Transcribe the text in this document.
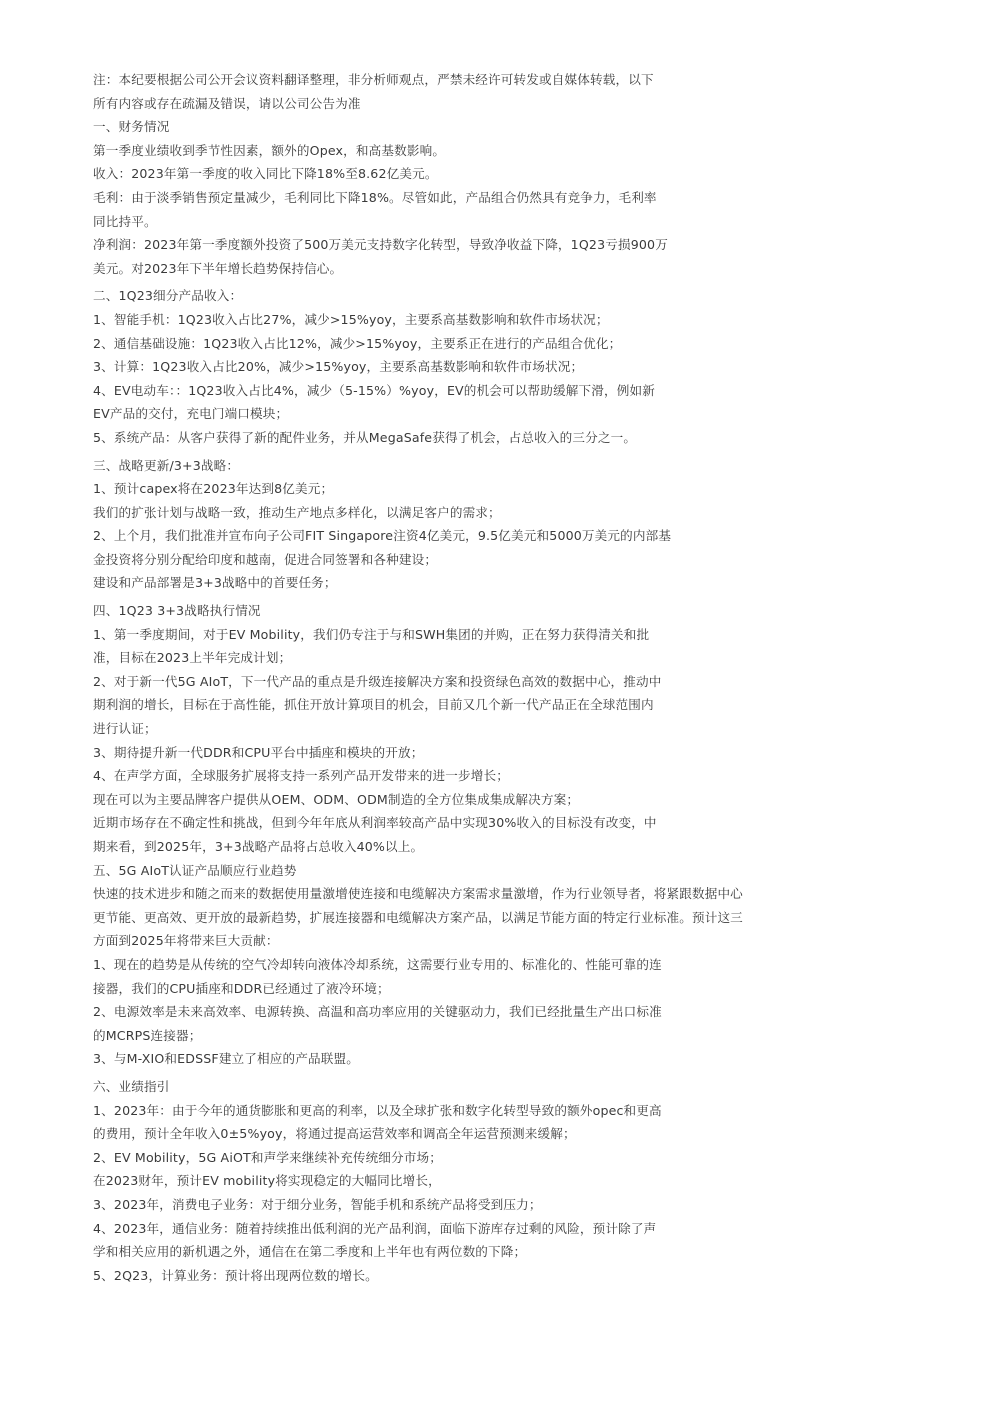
注：本纪要根据公司公开会议资料翻译整理，非分析师观点，严禁未经许可转发或自媒体转载，以下
所有内容或存在疏漏及错误，请以公司公告为准
一、财务情况
第一季度业绩收到季节性因素，额外的Opex，和高基数影响。
收入：2023年第一季度的收入同比下降18%至8.62亿美元。
毛利：由于淡季销售预定量减少，毛利同比下降18%。尽管如此，产品组合仍然具有竞争力，毛利率
同比持平。
净利润：2023年第一季度额外投资了500万美元支持数字化转型，导致净收益下降，1Q23亏损900万
美元。对2023年下半年增长趋势保持信心。
二、1Q23细分产品收入：
1、智能手机：1Q23收入占比27%，减少>15%yoy，主要系高基数影响和软件市场状况；
2、通信基础设施：1Q23收入占比12%，减少>15%yoy，主要系正在进行的产品组合优化；
3、计算：1Q23收入占比20%，减少>15%yoy，主要系高基数影响和软件市场状况；
4、EV电动车：：1Q23收入占比4%，减少（5-15%）%yoy，EV的机会可以帮助缓解下滑，例如新
EV产品的交付，充电门端口模块；
5、系统产品：从客户获得了新的配件业务，并从MegaSafe获得了机会，占总收入的三分之一。
三、战略更新/3+3战略：
1、预计capex将在2023年达到8亿美元；
我们的扩张计划与战略一致，推动生产地点多样化，以满足客户的需求；
2、上个月，我们批准并宣布向子公司FIT Singapore注资4亿美元，9.5亿美元和5000万美元的内部基
金投资将分别分配给印度和越南，促进合同签署和各种建设；
建设和产品部署是3+3战略中的首要任务；
四、1Q23 3+3战略执行情况
1、第一季度期间，对于EV Mobility，我们仍专注于与和SWH集团的并购，正在努力获得清关和批
准，目标在2023上半年完成计划；
2、对于新一代5G AIoT，下一代产品的重点是升级连接解决方案和投资绿色高效的数据中心，推动中
期利润的增长，目标在于高性能，抓住开放计算项目的机会，目前又几个新一代产品正在全球范围内
进行认证；
3、期待提升新一代DDR和CPU平台中插座和模块的开放；
4、在声学方面，全球服务扩展将支持一系列产品开发带来的进一步增长；
现在可以为主要品牌客户提供从OEM、ODM、ODM制造的全方位集成集成解决方案；
近期市场存在不确定性和挑战，但到今年年底从利润率较高产品中实现30%收入的目标没有改变，中
期来看，到2025年，3+3战略产品将占总收入40%以上。
五、5G AIoT认证产品顺应行业趋势
快速的技术进步和随之而来的数据使用量激增使连接和电缆解决方案需求量激增，作为行业领导者，将紧跟数据中心
更节能、更高效、更开放的最新趋势，扩展连接器和电缆解决方案产品，以满足节能方面的特定行业标准。预计这三
方面到2025年将带来巨大贡献：
1、现在的趋势是从传统的空气冷却转向液体冷却系统，这需要行业专用的、标准化的、性能可靠的连
接器，我们的CPU插座和DDR已经通过了液冷环境；
2、电源效率是未来高效率、电源转换、高温和高功率应用的关键驱动力，我们已经批量生产出口标准
的MCRPS连接器；
3、与M-XIO和EDSSF建立了相应的产品联盟。
六、业绩指引
1、2023年：由于今年的通货膨胀和更高的利率，以及全球扩张和数字化转型导致的额外opec和更高
的费用，预计全年收入0±5%yoy，将通过提高运营效率和调高全年运营预测来缓解；
2、EV Mobility，5G AiOT和声学来继续补充传统细分市场；
在2023财年，预计EV mobility将实现稳定的大幅同比增长，
3、2023年，消费电子业务：对于细分业务，智能手机和系统产品将受到压力；
4、2023年，通信业务：随着持续推出低利润的光产品利润，面临下游库存过剩的风险，预计除了声
学和相关应用的新机遇之外，通信在在第二季度和上半年也有两位数的下降；
5、2Q23，计算业务：预计将出现两位数的增长。
